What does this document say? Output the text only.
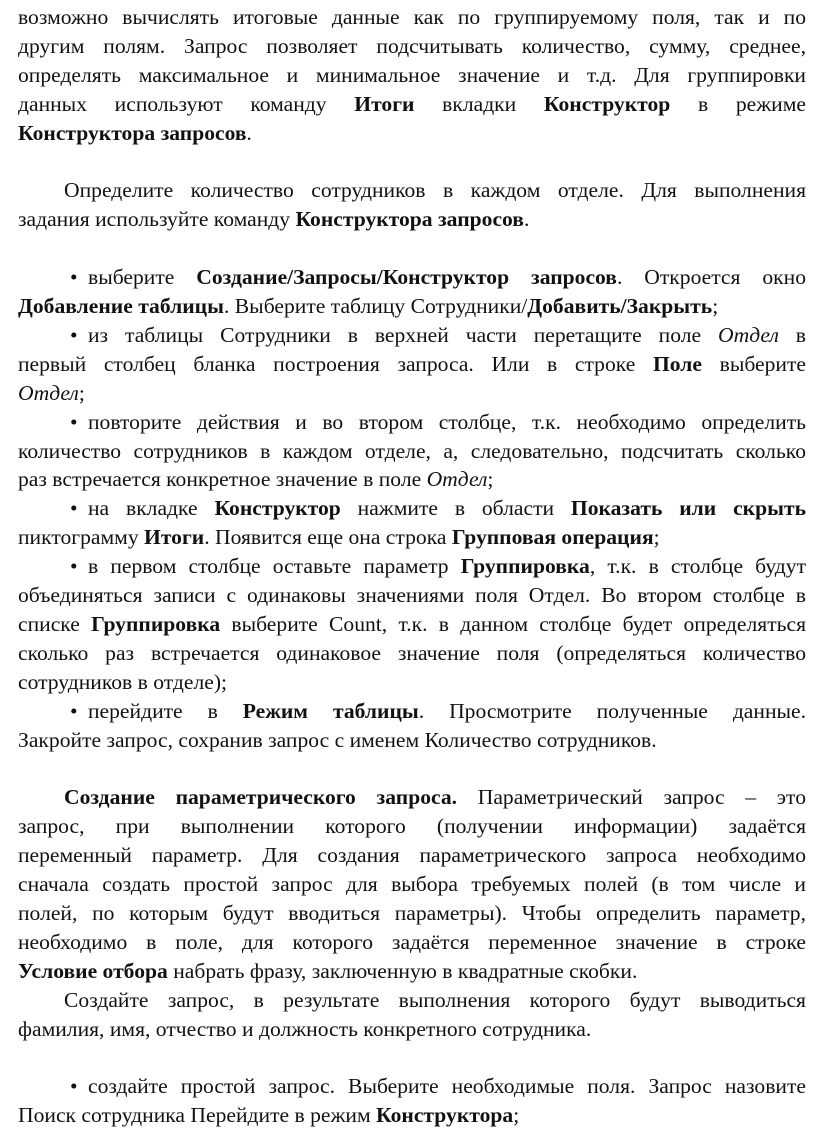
возможно вычислять итоговые данные как по группируемому поля, так и по
другим полям. Запрос позволяет подсчитывать количество, сумму, среднее,
определять максимальное и минимальное значение и т.д. Для группировки
данных используют команду Итоги вкладки Конструктор в режиме
Конструктора запросов.
Определите количество сотрудников в каждом отделе. Для выполнения
задания используйте команду Конструктора запросов.
• выберите Создание/Запросы/Конструктор запросов. Откроется окно
Добавление таблицы. Выберите таблицу Сотрудники/Добавить/Закрыть;
• из таблицы Сотрудники в верхней части перетащите поле Отдел в
первый столбец бланка построения запроса. Или в строке Поле выберите
Отдел;
• повторите действия и во втором столбце, т.к. необходимо определить
количество сотрудников в каждом отделе, а, следовательно, подсчитать сколько
раз встречается конкретное значение в поле Отдел;
• на вкладке Конструктор нажмите в области Показать или скрыть
пиктограмму Итоги. Появится еще она строка Групповая операция;
• в первом столбце оставьте параметр Группировка, т.к. в столбце будут
объединяться записи с одинаковы значениями поля Отдел. Во втором столбце в
списке Группировка выберите Count, т.к. в данном столбце будет определяться
сколько раз встречается одинаковое значение поля (определяться количество
сотрудников в отделе);
• перейдите в Режим таблицы. Просмотрите полученные данные.
Закройте запрос, сохранив запрос с именем Количество сотрудников.
Создание параметрического запроса. Параметрический запрос – это
запрос, при выполнении которого (получении информации) задаётся
переменный параметр. Для создания параметрического запроса необходимо
сначала создать простой запрос для выбора требуемых полей (в том числе и
полей, по которым будут вводиться параметры). Чтобы определить параметр,
необходимо в поле, для которого задаётся переменное значение в строке
Условие отбора набрать фразу, заключенную в квадратные скобки.
Создайте запрос, в результате выполнения которого будут выводиться
фамилия, имя, отчество и должность конкретного сотрудника.
• создайте простой запрос. Выберите необходимые поля. Запрос назовите
Поиск сотрудника Перейдите в режим Конструктора;
